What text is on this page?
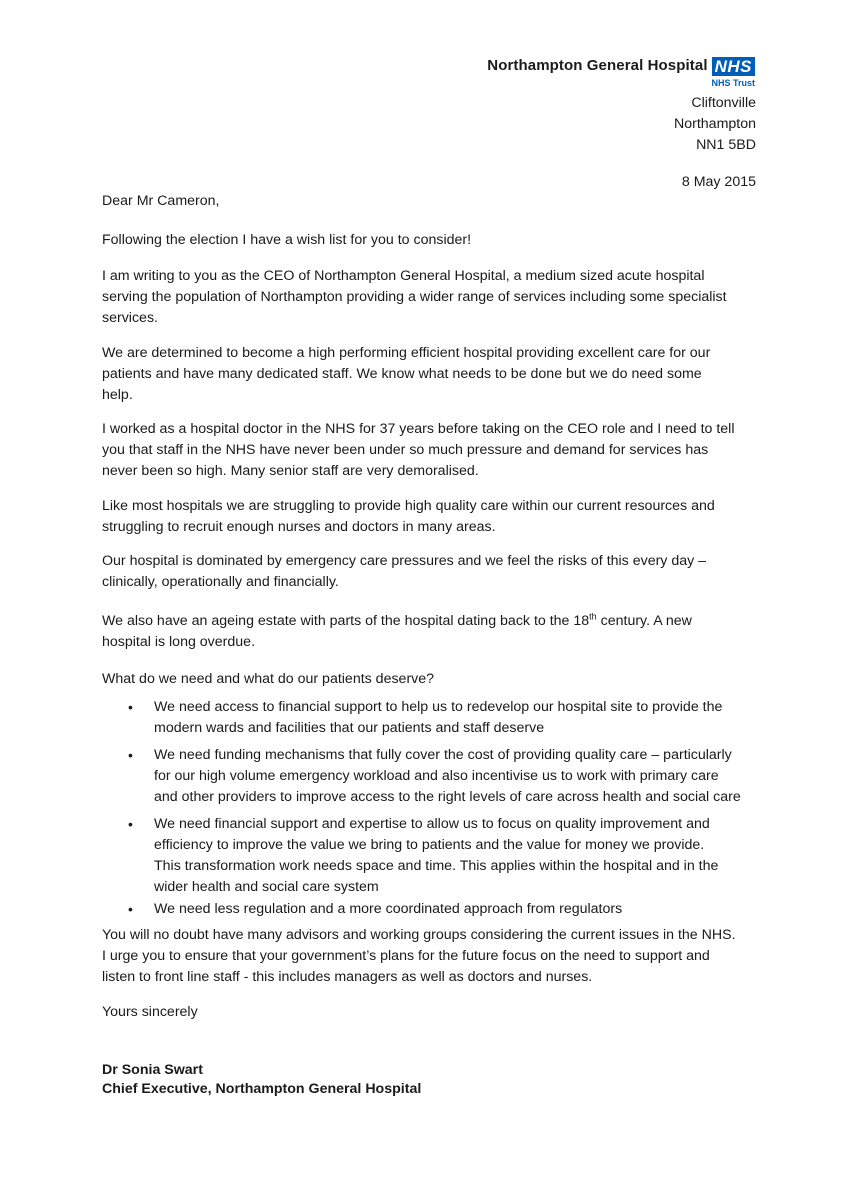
Northampton General Hospital NHS
NHS Trust
Cliftonville
Northampton
NN1 5BD
8 May 2015
Dear Mr Cameron,
Following the election I have a wish list for you to consider!
I am writing to you as the CEO of Northampton General Hospital, a medium sized acute hospital
serving the population of Northampton providing a wider range of services including some specialist
services.
We are determined to become a high performing efficient hospital providing excellent care for our
patients and have many dedicated staff. We know what needs to be done but we do need some
help.
I worked as a hospital doctor in the NHS for 37 years before taking on the CEO role and I need to tell
you that staff in the NHS have never been under so much pressure and demand for services has
never been so high. Many senior staff are very demoralised.
Like most hospitals we are struggling to provide high quality care within our current resources and
struggling to recruit enough nurses and doctors in many areas.
Our hospital is dominated by emergency care pressures and we feel the risks of this every day –
clinically, operationally and financially.
We also have an ageing estate with parts of the hospital dating back to the 18th century. A new
hospital is long overdue.
What do we need and what do our patients deserve?
• We need access to financial support to help us to redevelop our hospital site to provide the
modern wards and facilities that our patients and staff deserve
• We need funding mechanisms that fully cover the cost of providing quality care – particularly
for our high volume emergency workload and also incentivise us to work with primary care
and other providers to improve access to the right levels of care across health and social care
• We need financial support and expertise to allow us to focus on quality improvement and
efficiency to improve the value we bring to patients and the value for money we provide.
This transformation work needs space and time. This applies within the hospital and in the
wider health and social care system
• We need less regulation and a more coordinated approach from regulators
You will no doubt have many advisors and working groups considering the current issues in the NHS.
I urge you to ensure that your government’s plans for the future focus on the need to support and
listen to front line staff - this includes managers as well as doctors and nurses.
Yours sincerely
Dr Sonia Swart
Chief Executive, Northampton General Hospital
